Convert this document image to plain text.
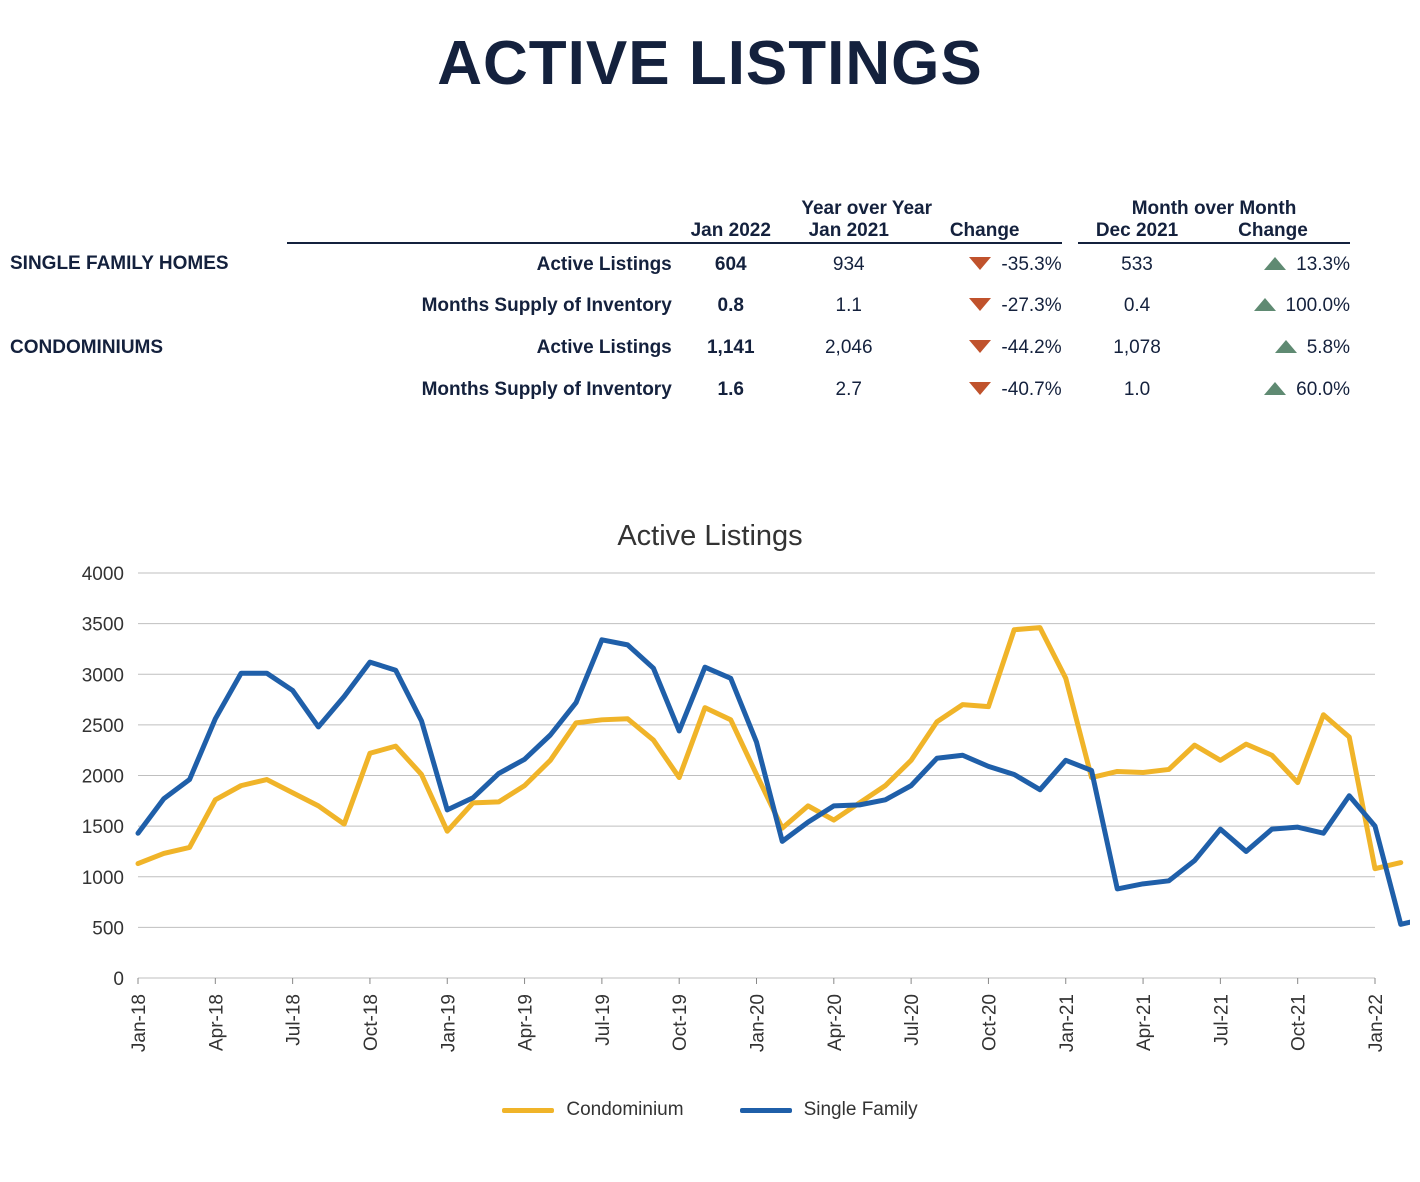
ACTIVE LISTINGS
		Year over Year				Month over Month	
		Jan 2022	Jan 2021	Change		Dec 2021	Change
SINGLE FAMILY HOMES	Active Listings	604	934	-35.3%		533	13.3%
	Months Supply of Inventory	0.8	1.1	-27.3%		0.4	100.0%
CONDOMINIUMS	Active Listings	1,141	2,046	-44.2%		1,078	5.8%
	Months Supply of Inventory	1.6	2.7	-40.7%		1.0	60.0%
Active Listings
0
500
1000
1500
2000
2500
3000
3500
4000
Jan-18	Apr-18	Jul-18	Oct-18	Jan-19	Apr-19	Jul-19	Oct-19	Jan-20	Apr-20	Jul-20	Oct-20	Jan-21	Apr-21	Jul-21	Oct-21	Jan-22
Condominium	Single Family
